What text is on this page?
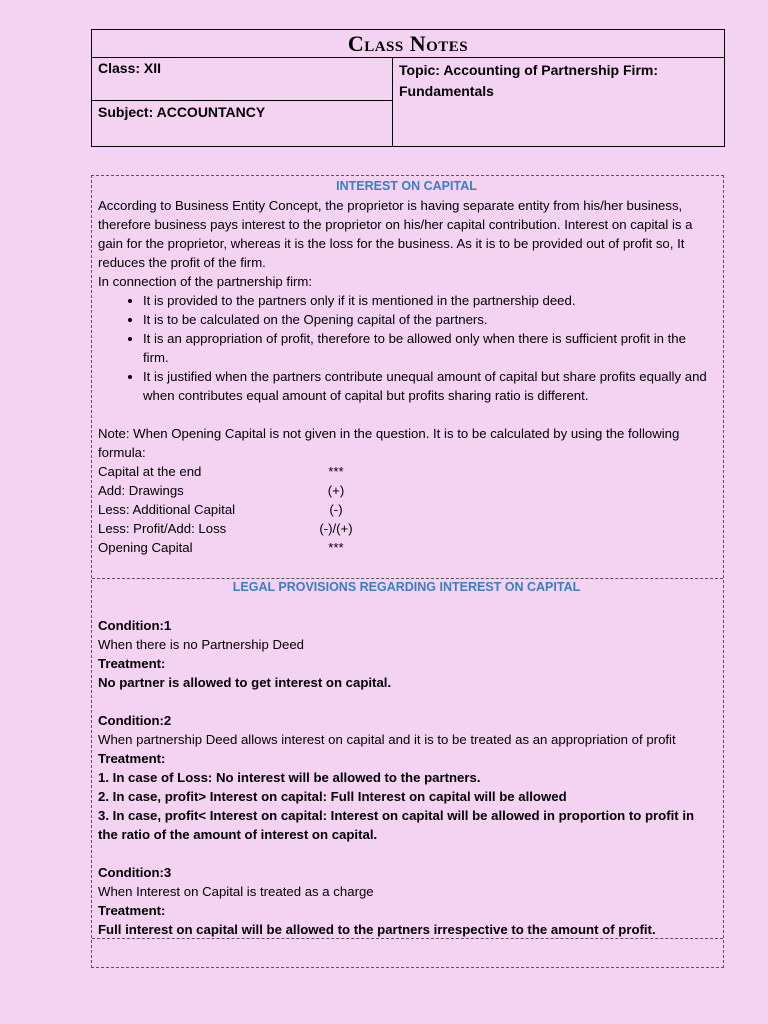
Class Notes
Class: XII
Subject: ACCOUNTANCY
Topic: Accounting of Partnership Firm:
Fundamentals
INTEREST ON CAPITAL
According to Business Entity Concept, the proprietor is having separate entity from his/her business, therefore business pays interest to the proprietor on his/her capital contribution. Interest on capital is a gain for the proprietor, whereas it is the loss for the business. As it is to be provided out of profit so, It reduces the profit of the firm.
In connection of the partnership firm:
• It is provided to the partners only if it is mentioned in the partnership deed.
• It is to be calculated on the Opening capital of the partners.
• It is an appropriation of profit, therefore to be allowed only when there is sufficient profit in the firm.
• It is justified when the partners contribute unequal amount of capital but share profits equally and when contributes equal amount of capital but profits sharing ratio is different.
Note: When Opening Capital is not given in the question. It is to be calculated by using the following formula:
Capital at the end	***
Add: Drawings	(+)
Less: Additional Capital	(-)
Less: Profit/Add: Loss	(-)/(+)
Opening Capital	***
LEGAL PROVISIONS REGARDING INTEREST ON CAPITAL
Condition:1
When there is no Partnership Deed
Treatment:
No partner is allowed to get interest on capital.
Condition:2
When partnership Deed allows interest on capital and it is to be treated as an appropriation of profit
Treatment:
1. In case of Loss: No interest will be allowed to the partners.
2. In case, profit> Interest on capital: Full Interest on capital will be allowed
3. In case, profit< Interest on capital: Interest on capital will be allowed in proportion to profit in the ratio of the amount of interest on capital.
Condition:3
When Interest on Capital is treated as a charge
Treatment:
Full interest on capital will be allowed to the partners irrespective to the amount of profit.
